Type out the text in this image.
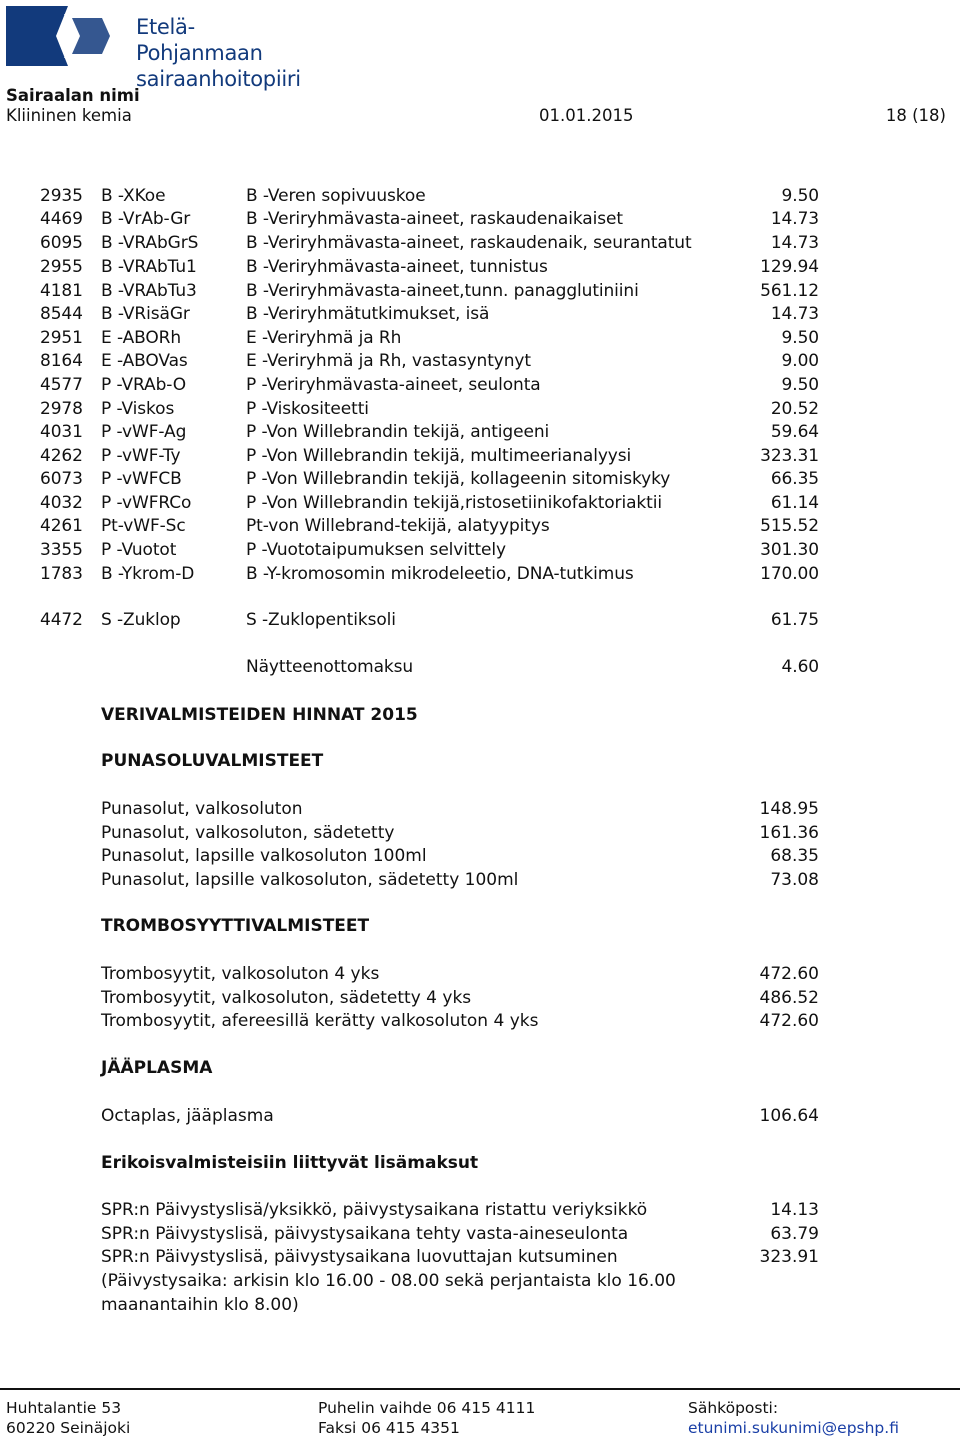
Etelä-Pohjanmaan
sairaanhoitopiiri
Sairaalan nimi
Kliininen kemia	01.01.2015	18 (18)
2935 B -XKoe	B -Veren sopivuuskoe	9.50
4469 B -VrAb-Gr	B -Veriryhmävasta-aineet, raskaudenaikaiset	14.73
6095 B -VRAbGrS	B -Veriryhmävasta-aineet, raskaudenaik, seurantatut	14.73
2955 B -VRAbTu1	B -Veriryhmävasta-aineet, tunnistus	129.94
4181 B -VRAbTu3	B -Veriryhmävasta-aineet,tunn. panagglutiniini	561.12
8544 B -VRisäGr	B -Veriryhmätutkimukset, isä	14.73
2951 E -ABORh	E -Veriryhmä ja Rh	9.50
8164 E -ABOVas	E -Veriryhmä ja Rh, vastasyntynyt	9.00
4577 P -VRAb-O	P -Veriryhmävasta-aineet, seulonta	9.50
2978 P -Viskos	P -Viskositeetti	20.52
4031 P -vWF-Ag	P -Von Willebrandin tekijä, antigeeni	59.64
4262 P -vWF-Ty	P -Von Willebrandin tekijä, multimeerianalyysi	323.31
6073 P -vWFCB	P -Von Willebrandin tekijä, kollageenin sitomiskyky	66.35
4032 P -vWFRCo	P -Von Willebrandin tekijä,ristosetiinikofaktoriaktii	61.14
4261 Pt-vWF-Sc	Pt-von Willebrand-tekijä, alatyypitys	515.52
3355 P -Vuotot	P -Vuototaipumuksen selvittely	301.30
1783 B -Ykrom-D	B -Y-kromosomin mikrodeleetio, DNA-tutkimus	170.00
4472 S -Zuklop	S -Zuklopentiksoli	61.75
Näytteenottomaksu	4.60
VERIVALMISTEIDEN HINNAT 2015
PUNASOLUVALMISTEET
Punasolut, valkosoluton	148.95
Punasolut, valkosoluton, sädetetty	161.36
Punasolut, lapsille valkosoluton 100ml	68.35
Punasolut, lapsille valkosoluton, sädetetty 100ml	73.08
TROMBOSYYTTIVALMISTEET
Trombosyytit, valkosoluton 4 yks	472.60
Trombosyytit, valkosoluton, sädetetty 4 yks	486.52
Trombosyytit, afereesillä kerätty valkosoluton 4 yks	472.60
JÄÄPLASMA
Octaplas, jääplasma	106.64
Erikoisvalmisteisiin liittyvät lisämaksut
SPR:n Päivystyslisä/yksikkö, päivystysaikana ristattu veriyksikkö	14.13
SPR:n Päivystyslisä, päivystysaikana tehty vasta-aineseulonta	63.79
SPR:n Päivystyslisä, päivystysaikana luovuttajan kutsuminen	323.91
(Päivystysaika: arkisin klo 16.00 - 08.00 sekä perjantaista klo 16.00
maanantaihin klo 8.00)
Huhtalantie 53
60220 Seinäjoki
Puhelin vaihde 06 415 4111
Faksi 06 415 4351
Sähköposti:
etunimi.sukunimi@epshp.fi
